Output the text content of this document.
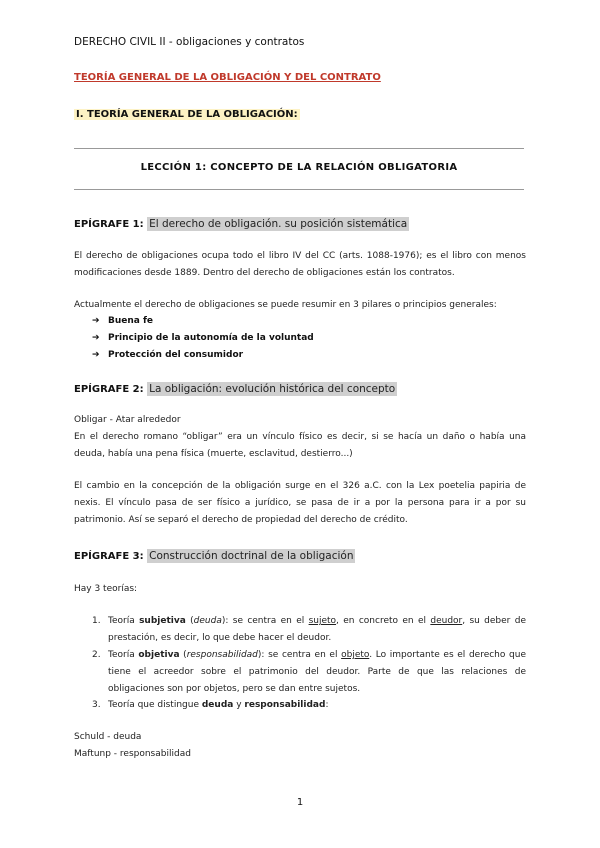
DERECHO CIVIL II - obligaciones y contratos
TEORÍA GENERAL DE LA OBLIGACIÓN Y DEL CONTRATO
I. TEORÍA GENERAL DE LA OBLIGACIÓN:
LECCIÓN 1: CONCEPTO DE LA RELACIÓN OBLIGATORIA
EPÍGRAFE 1: El derecho de obligación. su posición sistemática
El derecho de obligaciones ocupa todo el libro IV del CC (arts. 1088-1976); es el libro con menos modificaciones desde 1889. Dentro del derecho de obligaciones están los contratos.
Actualmente el derecho de obligaciones se puede resumir en 3 pilares o principios generales:
➔ Buena fe
➔ Principio de la autonomía de la voluntad
➔ Protección del consumidor
EPÍGRAFE 2: La obligación: evolución histórica del concepto
Obligar - Atar alrededor
En el derecho romano “obligar” era un vínculo físico es decir, si se hacía un daño o había una deuda, había una pena física (muerte, esclavitud, destierro...)
El cambio en la concepción de la obligación surge en el 326 a.C. con la Lex poetelia papiria de nexis. El vínculo pasa de ser físico a jurídico, se pasa de ir a por la persona para ir a por su patrimonio. Así se separó el derecho de propiedad del derecho de crédito.
EPÍGRAFE 3: Construcción doctrinal de la obligación
Hay 3 teorías:
1. Teoría subjetiva (deuda): se centra en el sujeto, en concreto en el deudor, su deber de prestación, es decir, lo que debe hacer el deudor.
2. Teoría objetiva (responsabilidad): se centra en el objeto. Lo importante es el derecho que tiene el acreedor sobre el patrimonio del deudor. Parte de que las relaciones de obligaciones son por objetos, pero se dan entre sujetos.
3. Teoría que distingue deuda y responsabilidad:
Schuld - deuda
Maftunp - responsabilidad
1
